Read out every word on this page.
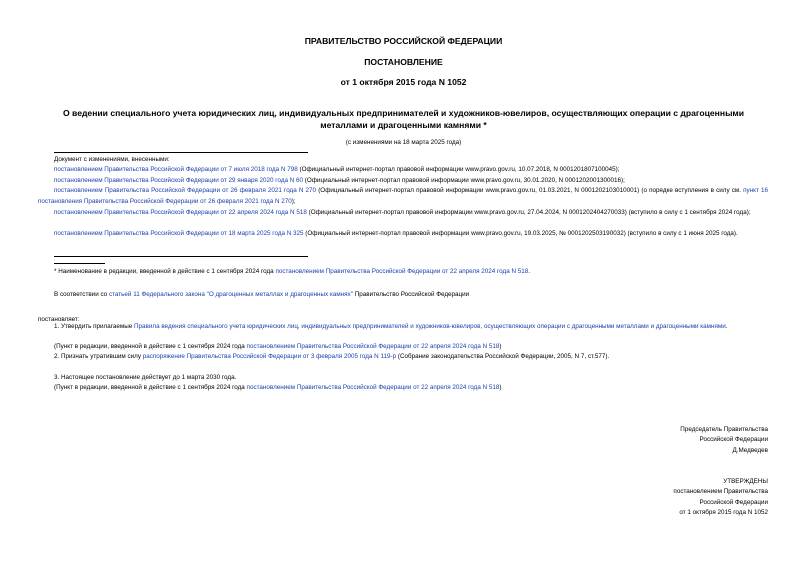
ПРАВИТЕЛЬСТВО РОССИЙСКОЙ ФЕДЕРАЦИИ
ПОСТАНОВЛЕНИЕ
от 1 октября 2015 года N 1052
О ведении специального учета юридических лиц, индивидуальных предпринимателей и художников-ювелиров, осуществляющих операции с драгоценными металлами и драгоценными камнями *
(с изменениями на 18 марта 2025 года)
Документ с изменениями, внесенными:
постановлением Правительства Российской Федерации от 7 июля 2018 года N 798 (Официальный интернет-портал правовой информации www.pravo.gov.ru, 10.07.2018, N 0001201807100045);
постановлением Правительства Российской Федерации от 29 января 2020 года N 60 (Официальный интернет-портал правовой информации www.pravo.gov.ru, 30.01.2020, N 0001202001300016);
постановлением Правительства Российской Федерации от 26 февраля 2021 года N 270 (Официальный интернет-портал правовой информации www.pravo.gov.ru, 01.03.2021, N 0001202103010001) (о порядке вступления в силу см. пункт 16 постановления Правительства Российской Федерации от 26 февраля 2021 года N 270);
постановлением Правительства Российской Федерации от 22 апреля 2024 года N 518 (Официальный интернет-портал правовой информации www.pravo.gov.ru, 27.04.2024, N 0001202404270033) (вступило в силу с 1 сентября 2024 года);
постановлением Правительства Российской Федерации от 18 марта 2025 года N 325 (Официальный интернет-портал правовой информации www.pravo.gov.ru, 19.03.2025, № 0001202503190032) (вступило в силу с 1 июня 2025 года).
* Наименование в редакции, введенной в действие с 1 сентября 2024 года постановлением Правительства Российской Федерации от 22 апреля 2024 года N 518.
В соответствии со статьей 11 Федерального закона "О драгоценных металлах и драгоценных камнях" Правительство Российской Федерации
постановляет:
1. Утвердить прилагаемые Правила ведения специального учета юридических лиц, индивидуальных предпринимателей и художников-ювелиров, осуществляющих операции с драгоценными металлами и драгоценными камнями.
(Пункт в редакции, введенной в действие с 1 сентября 2024 года постановлением Правительства Российской Федерации от 22 апреля 2024 года N 518)
2. Признать утратившим силу распоряжение Правительства Российской Федерации от 3 февраля 2005 года N 119-р (Собрание законодательства Российской Федерации, 2005, N 7, ст.577).
3. Настоящее постановление действует до 1 марта 2030 года.
(Пункт в редакции, введенной в действие с 1 сентября 2024 года постановлением Правительства Российской Федерации от 22 апреля 2024 года N 518)
Председатель Правительства
Российской Федерации
Д.Медведев
УТВЕРЖДЕНЫ
постановлением Правительства
Российской Федерации
от 1 октября 2015 года N 1052
